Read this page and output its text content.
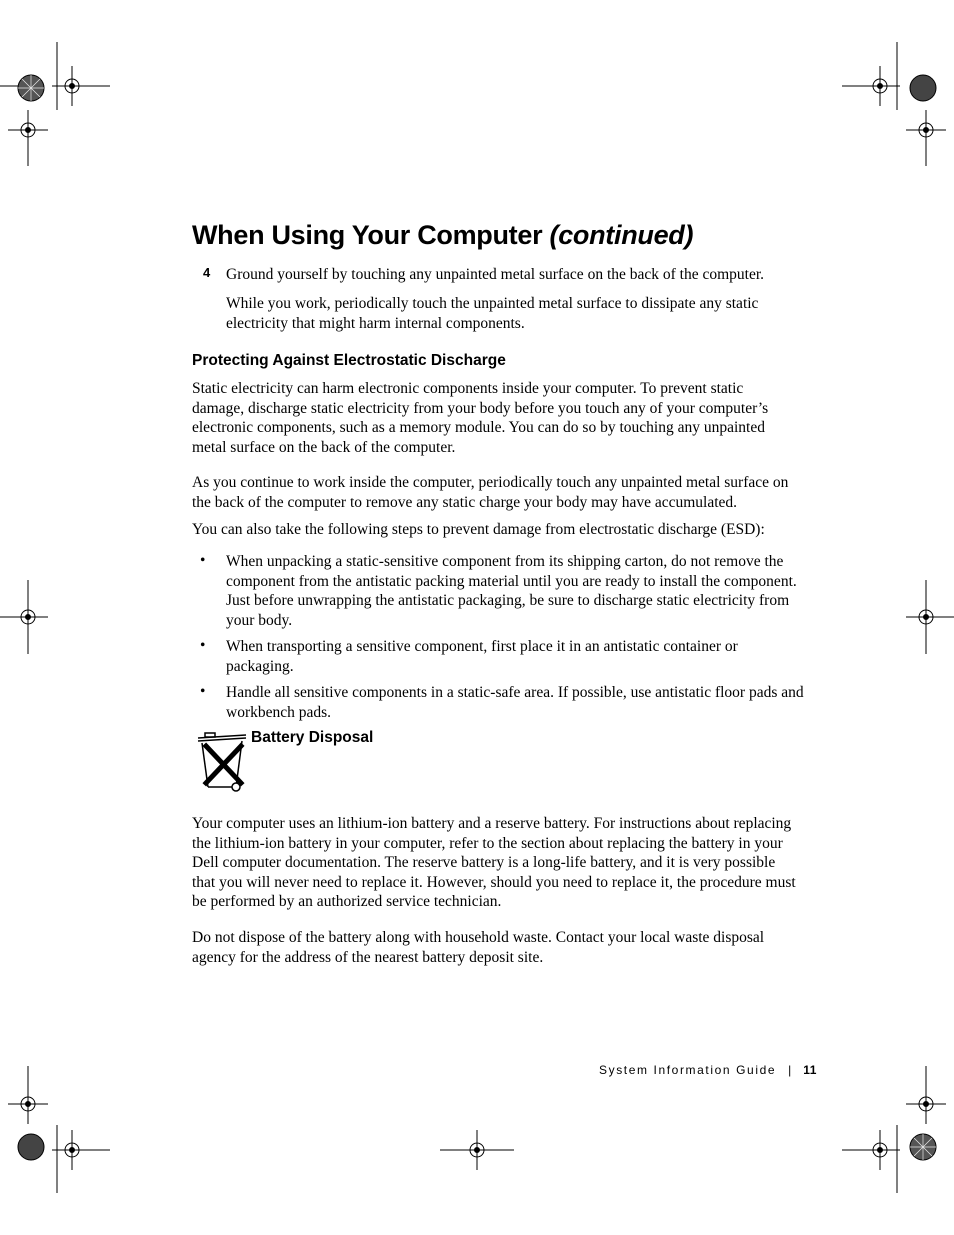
When Using Your Computer (continued)
4 Ground yourself by touching any unpainted metal surface on the back of the computer.

While you work, periodically touch the unpainted metal surface to dissipate any static electricity that might harm internal components.

Protecting Against Electrostatic Discharge

Static electricity can harm electronic components inside your computer. To prevent static damage, discharge static electricity from your body before you touch any of your computer’s electronic components, such as a memory module. You can do so by touching any unpainted metal surface on the back of the computer.

As you continue to work inside the computer, periodically touch any unpainted metal surface on the back of the computer to remove any static charge your body may have accumulated.

You can also take the following steps to prevent damage from electrostatic discharge (ESD):

• When unpacking a static-sensitive component from its shipping carton, do not remove the component from the antistatic packing material until you are ready to install the component. Just before unwrapping the antistatic packaging, be sure to discharge static electricity from your body.

• When transporting a sensitive component, first place it in an antistatic container or packaging.

• Handle all sensitive components in a static-safe area. If possible, use antistatic floor pads and workbench pads.

Battery Disposal

Your computer uses an lithium-ion battery and a reserve battery. For instructions about replacing the lithium-ion battery in your computer, refer to the section about replacing the battery in your Dell computer documentation. The reserve battery is a long-life battery, and it is very possible that you will never need to replace it. However, should you need to replace it, the procedure must be performed by an authorized service technician.

Do not dispose of the battery along with household waste. Contact your local waste disposal agency for the address of the nearest battery deposit site.

System Information Guide | 11
